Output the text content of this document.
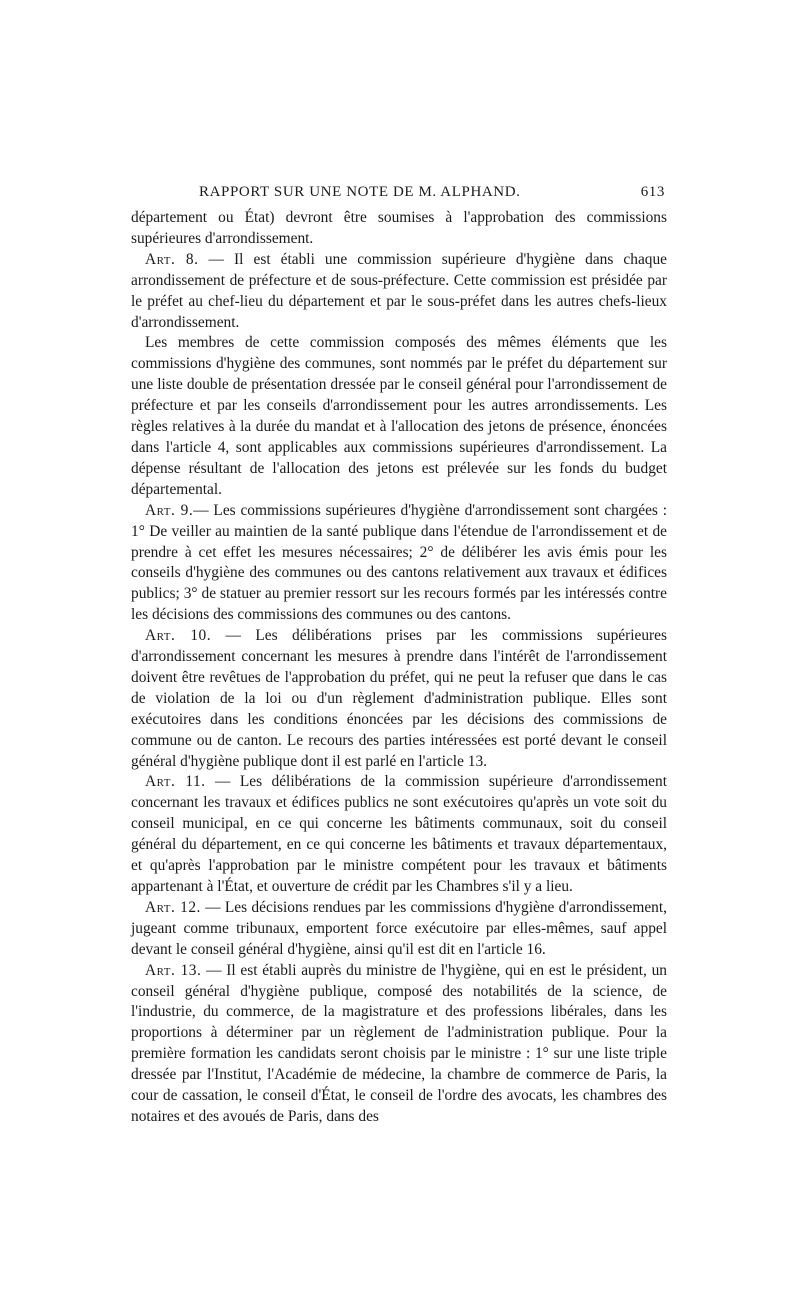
RAPPORT SUR UNE NOTE DE M. ALPHAND.	613

département ou État) devront être soumises à l'approbation des commissions supérieures d'arrondissement.

Art. 8. — Il est établi une commission supérieure d'hygiène dans chaque arrondissement de préfecture et de sous-préfecture. Cette commission est présidée par le préfet au chef-lieu du département et par le sous-préfet dans les autres chefs-lieux d'arrondissement.

Les membres de cette commission composés des mêmes éléments que les commissions d'hygiène des communes, sont nommés par le préfet du département sur une liste double de présentation dressée par le conseil général pour l'arrondissement de préfecture et par les conseils d'arrondissement pour les autres arrondissements. Les règles relatives à la durée du mandat et à l'allocation des jetons de présence, énoncées dans l'article 4, sont applicables aux commissions supérieures d'arrondissement. La dépense résultant de l'allocation des jetons est prélevée sur les fonds du budget départemental.

Art. 9.— Les commissions supérieures d'hygiène d'arrondissement sont chargées : 1° De veiller au maintien de la santé publique dans l'étendue de l'arrondissement et de prendre à cet effet les mesures nécessaires; 2° de délibérer les avis émis pour les conseils d'hygiène des communes ou des cantons relativement aux travaux et édifices publics; 3° de statuer au premier ressort sur les recours formés par les intéressés contre les décisions des commissions des communes ou des cantons.

Art. 10. — Les délibérations prises par les commissions supérieures d'arrondissement concernant les mesures à prendre dans l'intérêt de l'arrondissement doivent être revêtues de l'approbation du préfet, qui ne peut la refuser que dans le cas de violation de la loi ou d'un règlement d'administration publique. Elles sont exécutoires dans les conditions énoncées par les décisions des commissions de commune ou de canton. Le recours des parties intéressées est porté devant le conseil général d'hygiène publique dont il est parlé en l'article 13.

Art. 11. — Les délibérations de la commission supérieure d'arrondissement concernant les travaux et édifices publics ne sont exécutoires qu'après un vote soit du conseil municipal, en ce qui concerne les bâtiments communaux, soit du conseil général du département, en ce qui concerne les bâtiments et travaux départementaux, et qu'après l'approbation par le ministre compétent pour les travaux et bâtiments appartenant à l'État, et ouverture de crédit par les Chambres s'il y a lieu.

Art. 12. — Les décisions rendues par les commissions d'hygiène d'arrondissement, jugeant comme tribunaux, emportent force exécutoire par elles-mêmes, sauf appel devant le conseil général d'hygiène, ainsi qu'il est dit en l'article 16.

Art. 13. — Il est établi auprès du ministre de l'hygiène, qui en est le président, un conseil général d'hygiène publique, composé des notabilités de la science, de l'industrie, du commerce, de la magistrature et des professions libérales, dans les proportions à déterminer par un règlement de l'administration publique. Pour la première formation les candidats seront choisis par le ministre : 1° sur une liste triple dressée par l'Institut, l'Académie de médecine, la chambre de commerce de Paris, la cour de cassation, le conseil d'État, le conseil de l'ordre des avocats, les chambres des notaires et des avoués de Paris, dans des
